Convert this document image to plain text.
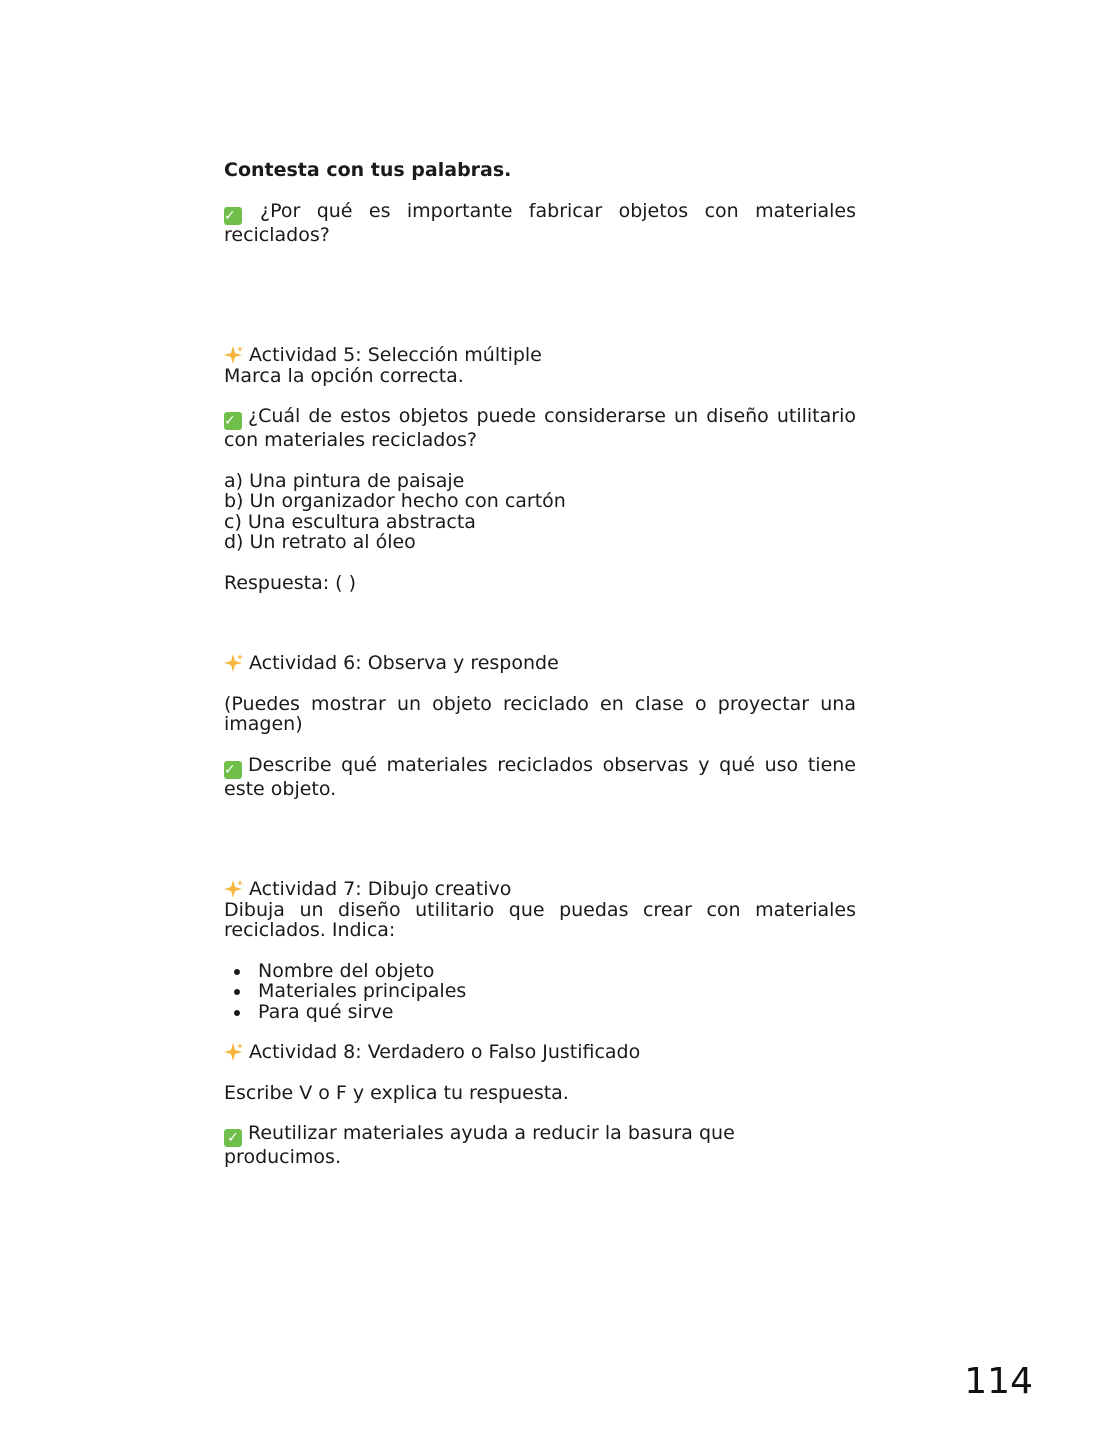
Contesta con tus palabras.

✓ ¿Por qué es importante fabricar objetos con materiales reciclados?

Actividad 5: Selección múltiple

Marca la opción correcta.

✓ ¿Cuál de estos objetos puede considerarse un diseño utilitario con materiales reciclados?

a) Una pintura de paisaje

b) Un organizador hecho con cartón

c) Una escultura abstracta

d) Un retrato al óleo

Respuesta: ( )

Actividad 6: Observa y responde

(Puedes mostrar un objeto reciclado en clase o proyectar una imagen)

✓ Describe qué materiales reciclados observas y qué uso tiene este objeto.

Actividad 7: Dibujo creativo

Dibuja un diseño utilitario que puedas crear con materiales reciclados. Indica:

Nombre del objeto
Materiales principales
Para qué sirve

Actividad 8: Verdadero o Falso Justificado

Escribe V o F y explica tu respuesta.

✓ Reutilizar materiales ayuda a reducir la basura que producimos.

114
